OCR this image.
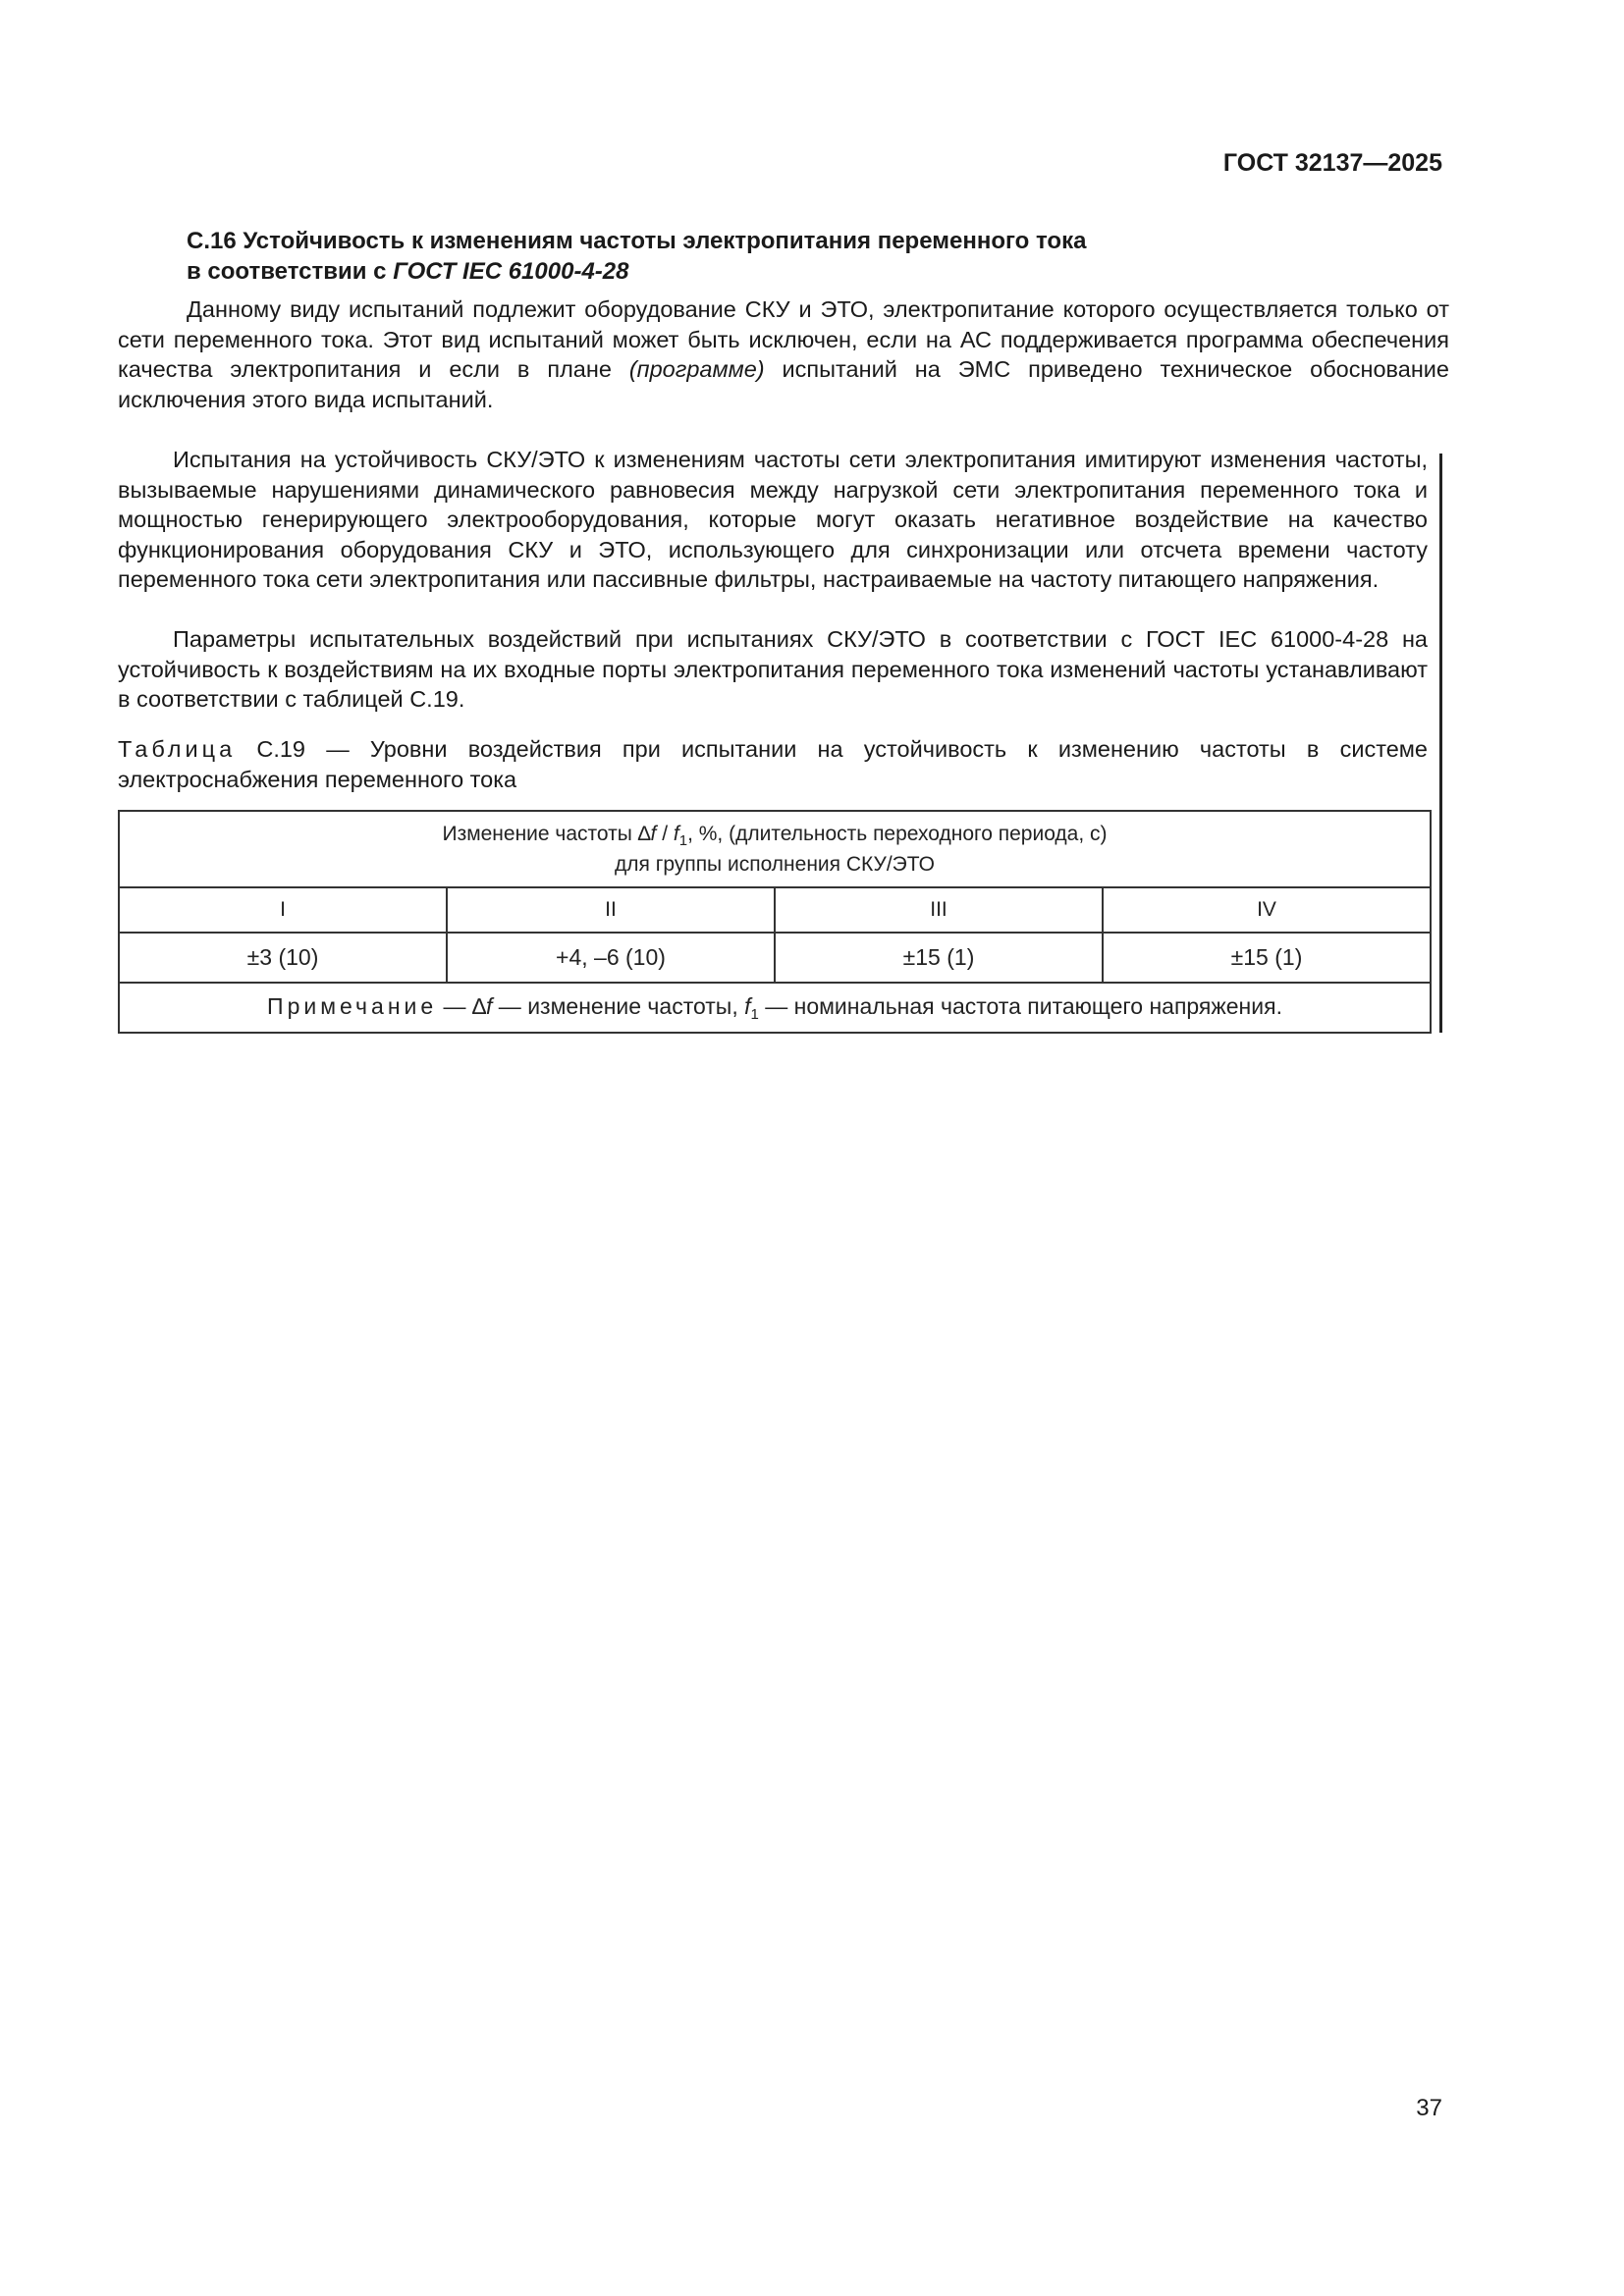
ГОСТ 32137—2025
С.16 Устойчивость к изменениям частоты электропитания переменного тока
в соответствии с ГОСТ IEC 61000-4-28
Данному виду испытаний подлежит оборудование СКУ и ЭТО, электропитание которого осуществляется только от сети переменного тока. Этот вид испытаний может быть исключен, если на АС поддерживается программа обеспечения качества электропитания и если в плане (программе) испытаний на ЭМС приведено техническое обоснование исключения этого вида испытаний.
Испытания на устойчивость СКУ/ЭТО к изменениям частоты сети электропитания имитируют изменения частоты, вызываемые нарушениями динамического равновесия между нагрузкой сети электропитания переменного тока и мощностью генерирующего электрооборудования, которые могут оказать негативное воздействие на качество функционирования оборудования СКУ и ЭТО, использующего для синхронизации или отсчета времени частоту переменного тока сети электропитания или пассивные фильтры, настраиваемые на частоту питающего напряжения.
Параметры испытательных воздействий при испытаниях СКУ/ЭТО в соответствии с ГОСТ IEC 61000-4-28 на устойчивость к воздействиям на их входные порты электропитания переменного тока изменений частоты устанавливают в соответствии с таблицей С.19.
Таблица С.19 — Уровни воздействия при испытании на устойчивость к изменению частоты в системе электроснабжения переменного тока
Изменение частоты $\Delta f / f_1$, %, (длительность переходного периода, с)
для группы исполнения СКУ/ЭТО			

I	II	III	IV
±3 (10)	+4, –6 (10)	±15 (1)	±15 (1)
Примечание — ∆f — изменение частоты, $f_1$ — номинальная частота питающего напряжения.			
37
